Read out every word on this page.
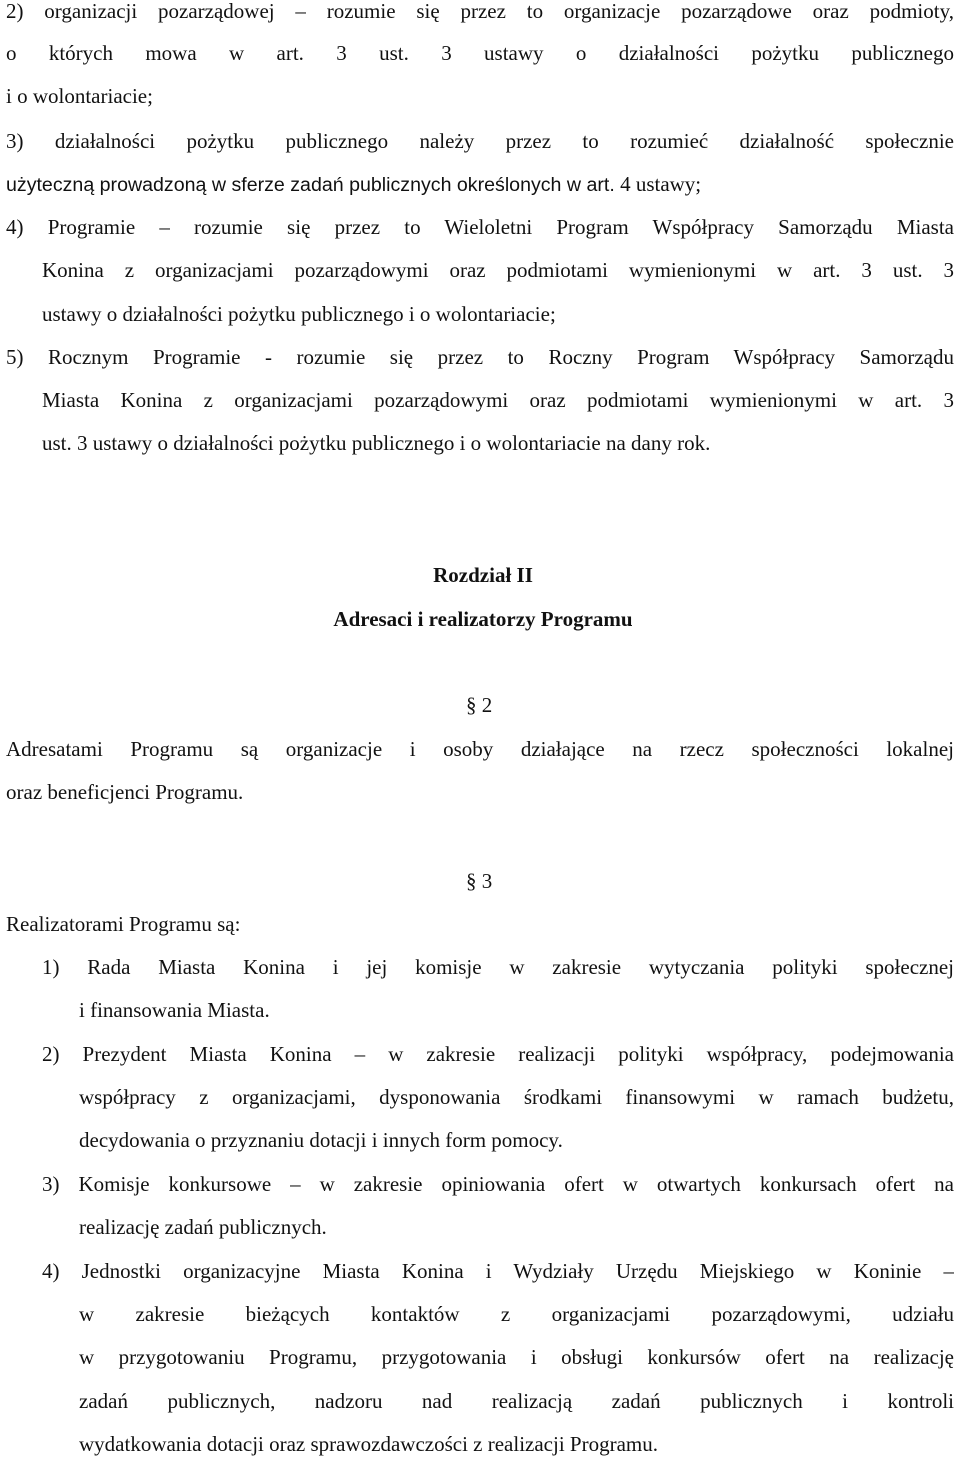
2) organizacji pozarządowej – rozumie się przez to organizacje pozarządowe oraz podmioty,
o których mowa w art. 3 ust. 3 ustawy o działalności pożytku publicznego
i o wolontariacie;
3) działalności pożytku publicznego należy przez to rozumieć działalność społecznie
użyteczną prowadzoną w sferze zadań publicznych określonych w art. 4 ustawy;
4) Programie – rozumie się przez to Wieloletni Program Współpracy Samorządu Miasta
Konina z organizacjami pozarządowymi oraz podmiotami wymienionymi w art. 3 ust. 3
ustawy o działalności pożytku publicznego i o wolontariacie;
5) Rocznym Programie - rozumie się przez to Roczny Program Współpracy Samorządu
Miasta Konina z organizacjami pozarządowymi oraz podmiotami wymienionymi w art. 3
ust. 3 ustawy o działalności pożytku publicznego i o wolontariacie na dany rok.
Rozdział II
Adresaci i realizatorzy Programu
§ 2
Adresatami Programu są organizacje i osoby działające na rzecz społeczności lokalnej
oraz beneficjenci Programu.
§ 3
Realizatorami Programu są:
1) Rada Miasta Konina i jej komisje w zakresie wytyczania polityki społecznej
i finansowania Miasta.
2) Prezydent Miasta Konina – w zakresie realizacji polityki współpracy, podejmowania
współpracy z organizacjami, dysponowania środkami finansowymi w ramach budżetu,
decydowania o przyznaniu dotacji i innych form pomocy.
3) Komisje konkursowe – w zakresie opiniowania ofert w otwartych konkursach ofert na
realizację zadań publicznych.
4) Jednostki organizacyjne Miasta Konina i Wydziały Urzędu Miejskiego w Koninie –
w zakresie bieżących kontaktów z organizacjami pozarządowymi, udziału
w przygotowaniu Programu, przygotowania i obsługi konkursów ofert na realizację
zadań publicznych, nadzoru nad realizacją zadań publicznych i kontroli
wydatkowania dotacji oraz sprawozdawczości z realizacji Programu.
